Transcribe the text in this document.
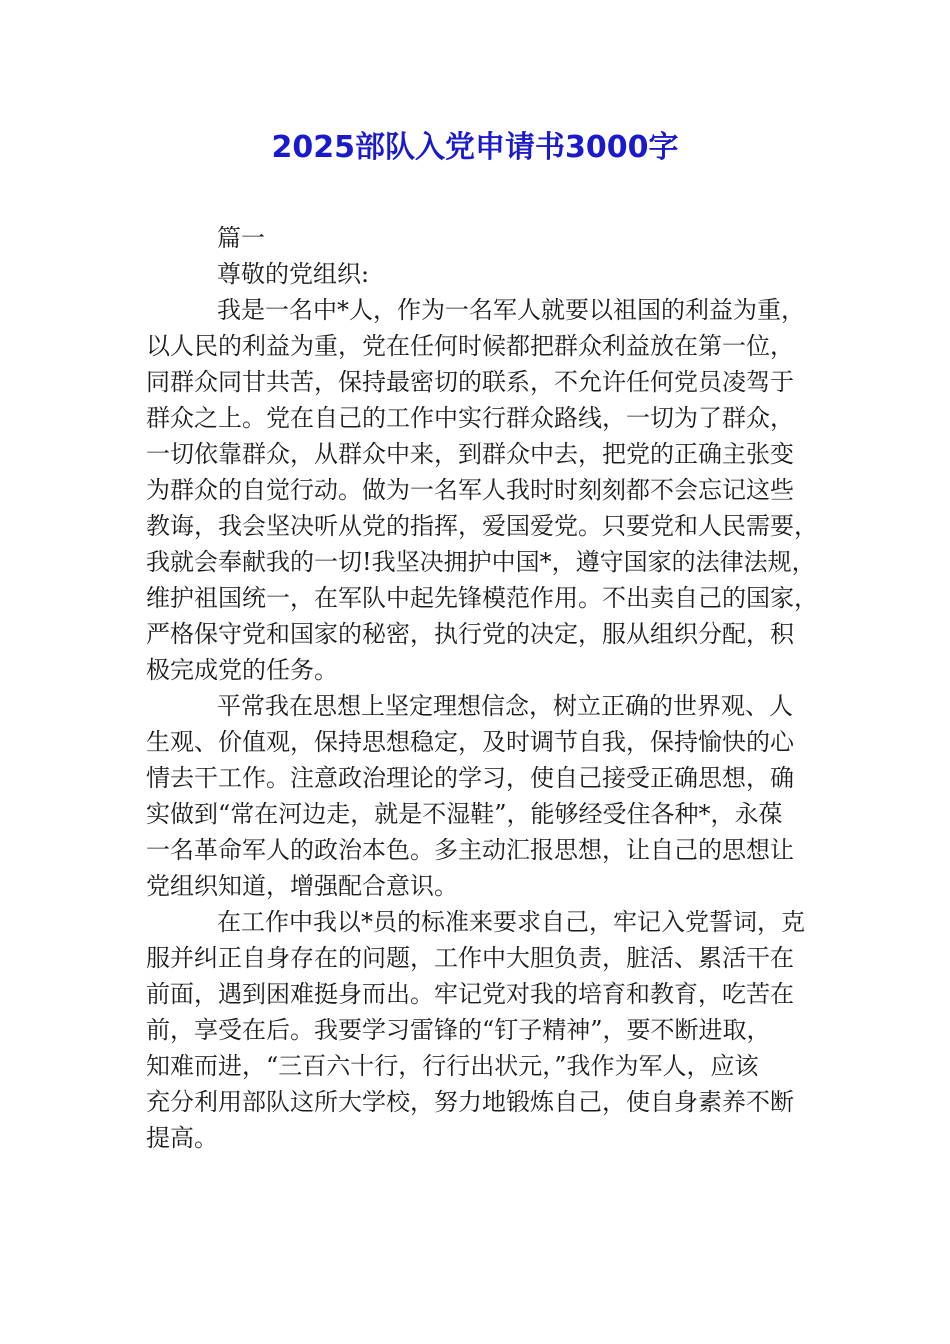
2025部队入党申请书3000字

篇一

尊敬的党组织:

我是一名中*人，作为一名军人就要以祖国的利益为重，

以人民的利益为重，党在任何时候都把群众利益放在第一位，

同群众同甘共苦，保持最密切的联系，不允许任何党员凌驾于

群众之上。党在自己的工作中实行群众路线，一切为了群众，

一切依靠群众，从群众中来，到群众中去，把党的正确主张变

为群众的自觉行动。做为一名军人我时时刻刻都不会忘记这些

教诲，我会坚决听从党的指挥，爱国爱党。只要党和人民需要，

我就会奉献我的一切!我坚决拥护中国*，遵守国家的法律法规，

维护祖国统一，在军队中起先锋模范作用。不出卖自己的国家，

严格保守党和国家的秘密，执行党的决定，服从组织分配，积

极完成党的任务。

平常我在思想上坚定理想信念，树立正确的世界观、人

生观、价值观，保持思想稳定，及时调节自我，保持愉快的心

情去干工作。注意政治理论的学习，使自己接受正确思想，确

实做到“常在河边走，就是不湿鞋”，能够经受住各种*，永葆

一名革命军人的政治本色。多主动汇报思想，让自己的思想让

党组织知道，增强配合意识。

在工作中我以*员的标准来要求自己，牢记入党誓词，克

服并纠正自身存在的问题，工作中大胆负责，脏活、累活干在

前面，遇到困难挺身而出。牢记党对我的培育和教育，吃苦在

前，享受在后。我要学习雷锋的“钉子精神”，要不断进取，

知难而进，“三百六十行，行行出状元，”我作为军人，应该

充分利用部队这所大学校，努力地锻炼自己，使自身素养不断

提高。
